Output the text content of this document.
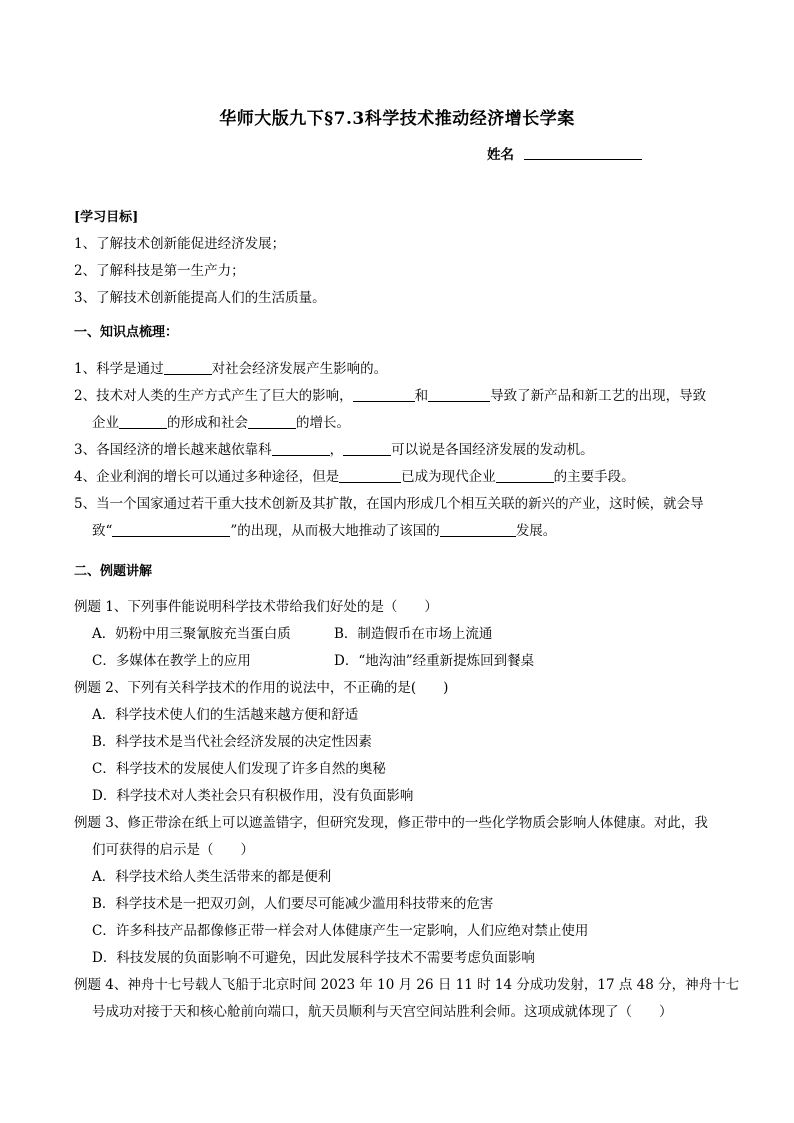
华师大版九下§7.3科学技术推动经济增长学案
姓名
[学习目标]
1、了解技术创新能促进经济发展；
2、了解科技是第一生产力；
3、了解技术创新能提高人们的生活质量。
一、知识点梳理：
1、科学是通过	对社会经济发展产生影响的。
2、技术对人类的生产方式产生了巨大的影响，	和	导致了新产品和新工艺的出现，导致
企业	的形成和社会	的增长。
3、各国经济的增长越来越依靠科	，	可以说是各国经济发展的发动机。
4、企业利润的增长可以通过多种途径，但是	已成为现代企业	的主要手段。
5、当一个国家通过若干重大技术创新及其扩散，在国内形成几个相互关联的新兴的产业，这时候，就会导
致“	”的出现，从而极大地推动了该国的	发展。
二、例题讲解
例题 1、下列事件能说明科学技术带给我们好处的是（　　）
A．奶粉中用三聚氰胺充当蛋白质	B．制造假币在市场上流通
C．多媒体在教学上的应用	D．“地沟油”经重新提炼回到餐桌
例题 2、下列有关科学技术的作用的说法中，不正确的是(　　)
A．科学技术使人们的生活越来越方便和舒适
B．科学技术是当代社会经济发展的决定性因素
C．科学技术的发展使人们发现了许多自然的奥秘
D．科学技术对人类社会只有积极作用，没有负面影响
例题 3、修正带涂在纸上可以遮盖错字，但研究发现，修正带中的一些化学物质会影响人体健康。对此，我
们可获得的启示是（　　）
A．科学技术给人类生活带来的都是便利
B．科学技术是一把双刃剑，人们要尽可能减少滥用科技带来的危害
C．许多科技产品都像修正带一样会对人体健康产生一定影响，人们应绝对禁止使用
D．科技发展的负面影响不可避免，因此发展科学技术不需要考虑负面影响
例题 4、神舟十七号载人飞船于北京时间 2023 年 10 月 26 日 11 时 14 分成功发射，17 点 48 分，神舟十七
号成功对接于天和核心舱前向端口，航天员顺利与天宫空间站胜利会师。这项成就体现了（　　）
